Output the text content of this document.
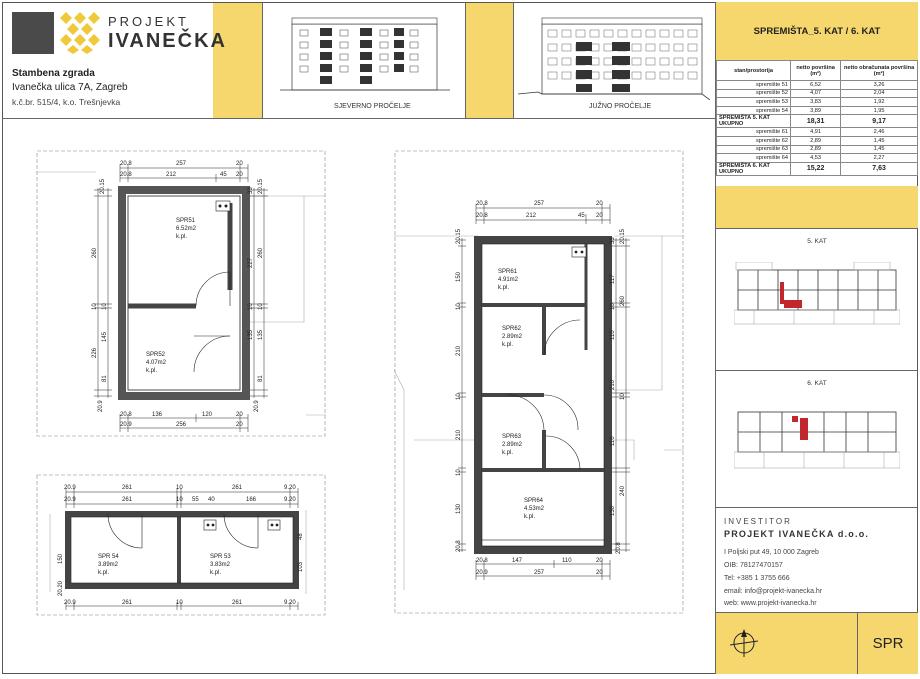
PROJEKT
IVANEČKA
Stambena zgrada
Ivanečka ulica 7A, Zagreb
k.č.br. 515/4, k.o. Trešnjevka	SJEVERNO PROČELJE	JUŽNO PROČELJE
SPREMIŠTA_5. KAT / 6. KAT
stan/prostorija	netto površina (m²)	netto obračunata površina (m²)
spremište 51	6,52	3,26
spremište 52	4,07	2,04
spremište 53	3,83	1,92
spremište 54	3,89	1,95
SPREMIŠTA 5. KAT UKUPNO	18,31	9,17
spremište 61	4,91	2,46
spremište 62	2,89	1,45
spremište 63	2,89	1,45
spremište 64	4,53	2,27
SPREMIŠTA 6. KAT UKUPNO	15,22	7,63
5. KAT
6. KAT
INVESTITOR
PROJEKT IVANEČKA d.o.o.
I Poljski put 49, 10 000 Zagreb
OIB: 78127470157
Tel: +385 1 3755 666
email: info@projekt-ivanecka.hr
web: www.projekt-ivanecka.hr
SPR
SPR51
6.52m2
k.pl.
SPR52
4.07m2
k.pl.
20.8	257	20
20.8	212	45 20
20.8	136	120	20
20.9	256	20
20.15
260
10
145
226
10
81
20.9
33 20.15
227
260
10
135 135
10
81
20.9
SPR 54
3.89m2
k.pl.
SPR 53
3.83m2
k.pl.
20.9	261	10	261	9.20
20.9	261	10 55 40	166	9.20
20.9	261	10	261	9.20
150
48
103
20.20
SPR61
4.91m2
k.pl.
SPR62
2.89m2
k.pl.
SPR63
2.89m2
k.pl.
SPR64
4.53m2
k.pl.
20.8	257	20
20.8	212	45 20
20.8	147	110	20
20.9	257	20
20.15
150
10
210
10
210
10
130
20.8
33 20.15
117
260
10
110
210
10
110
240
130
20.8
